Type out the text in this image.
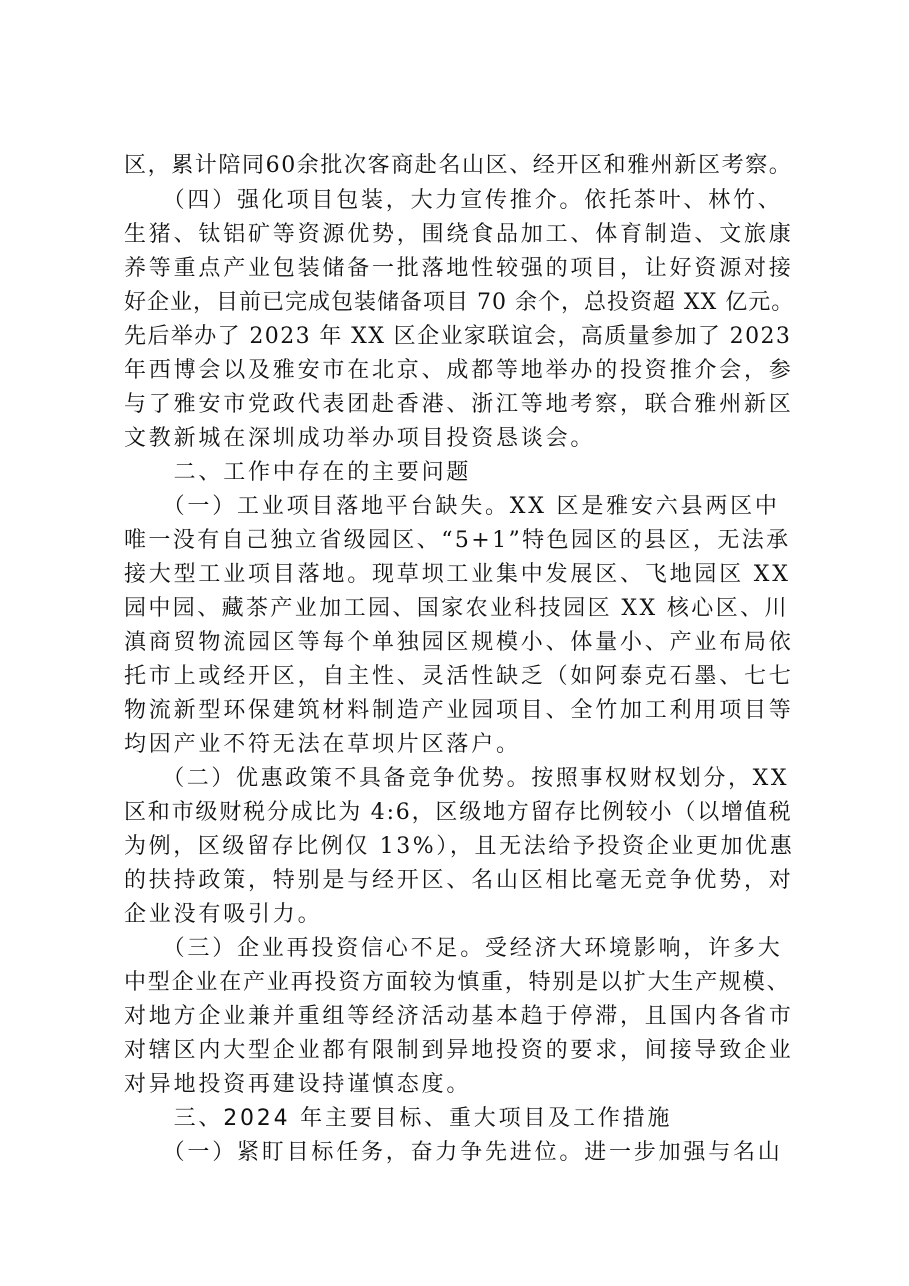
区，累计陪同60余批次客商赴名山区、经开区和雅州新区考察。
　　（四）强化项目包装，大力宣传推介。依托茶叶、林竹、
生猪、钛铝矿等资源优势，围绕食品加工、体育制造、文旅康
养等重点产业包装储备一批落地性较强的项目，让好资源对接
好企业，目前已完成包装储备项目 70 余个，总投资超 XX 亿元。
先后举办了 2023 年 XX 区企业家联谊会，高质量参加了 2023
年西博会以及雅安市在北京、成都等地举办的投资推介会，参
与了雅安市党政代表团赴香港、浙江等地考察，联合雅州新区
文教新城在深圳成功举办项目投资恳谈会。
　　二、工作中存在的主要问题
　　（一）工业项目落地平台缺失。XX 区是雅安六县两区中
唯一没有自己独立省级园区、“5+1”特色园区的县区，无法承
接大型工业项目落地。现草坝工业集中发展区、飞地园区 XX
园中园、藏茶产业加工园、国家农业科技园区 XX 核心区、川
滇商贸物流园区等每个单独园区规模小、体量小、产业布局依
托市上或经开区，自主性、灵活性缺乏（如阿泰克石墨、七七
物流新型环保建筑材料制造产业园项目、全竹加工利用项目等
均因产业不符无法在草坝片区落户。
　　（二）优惠政策不具备竞争优势。按照事权财权划分，XX
区和市级财税分成比为 4:6，区级地方留存比例较小（以增值税
为例，区级留存比例仅 13%），且无法给予投资企业更加优惠
的扶持政策，特别是与经开区、名山区相比毫无竞争优势，对
企业没有吸引力。
　　（三）企业再投资信心不足。受经济大环境影响，许多大
中型企业在产业再投资方面较为慎重，特别是以扩大生产规模、
对地方企业兼并重组等经济活动基本趋于停滞，且国内各省市
对辖区内大型企业都有限制到异地投资的要求，间接导致企业
对异地投资再建设持谨慎态度。
　　三、2024 年主要目标、重大项目及工作措施
　　（一）紧盯目标任务，奋力争先进位。进一步加强与名山
